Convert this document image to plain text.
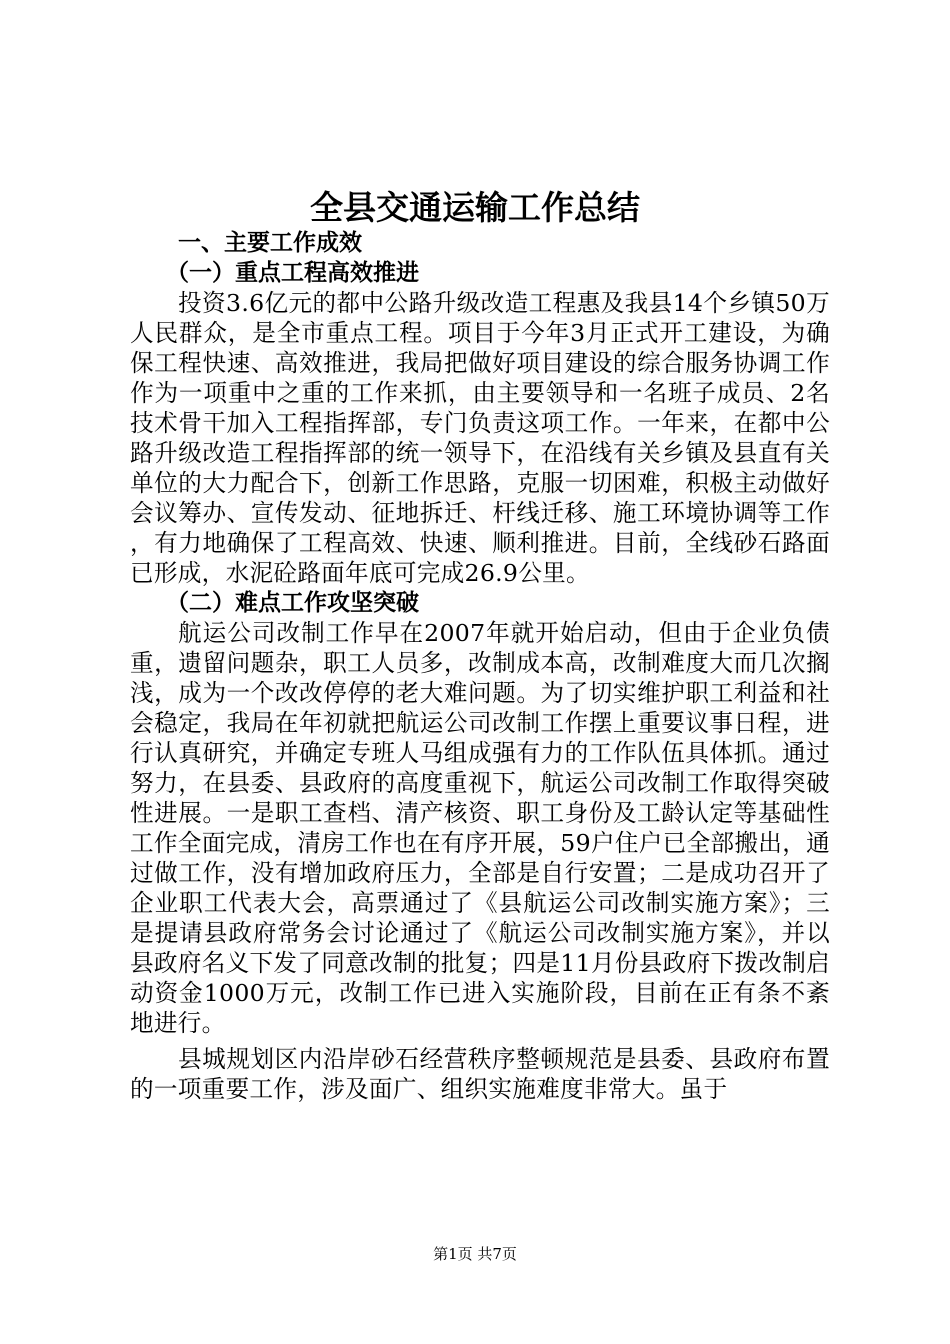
全县交通运输工作总结

一、主要工作成效

（一）重点工程高效推进

投资3.6亿元的都中公路升级改造工程惠及我县14个乡镇50万人民群众，是全市重点工程。项目于今年3月正式开工建设，为确保工程快速、高效推进，我局把做好项目建设的综合服务协调工作作为一项重中之重的工作来抓，由主要领导和一名班子成员、2名技术骨干加入工程指挥部，专门负责这项工作。一年来，在都中公路升级改造工程指挥部的统一领导下，在沿线有关乡镇及县直有关单位的大力配合下，创新工作思路，克服一切困难，积极主动做好会议筹办、宣传发动、征地拆迁、杆线迁移、施工环境协调等工作，有力地确保了工程高效、快速、顺利推进。目前，全线砂石路面已形成，水泥砼路面年底可完成26.9公里。

（二）难点工作攻坚突破

航运公司改制工作早在2007年就开始启动，但由于企业负债重，遗留问题杂，职工人员多，改制成本高，改制难度大而几次搁浅，成为一个改改停停的老大难问题。为了切实维护职工利益和社会稳定，我局在年初就把航运公司改制工作摆上重要议事日程，进行认真研究，并确定专班人马组成强有力的工作队伍具体抓。通过努力，在县委、县政府的高度重视下，航运公司改制工作取得突破性进展。一是职工查档、清产核资、职工身份及工龄认定等基础性工作全面完成，清房工作也在有序开展，59户住户已全部搬出，通过做工作，没有增加政府压力，全部是自行安置；二是成功召开了企业职工代表大会，高票通过了《县航运公司改制实施方案》；三是提请县政府常务会讨论通过了《航运公司改制实施方案》，并以县政府名义下发了同意改制的批复；四是11月份县政府下拨改制启动资金1000万元，改制工作已进入实施阶段，目前在正有条不紊地进行。

县城规划区内沿岸砂石经营秩序整顿规范是县委、县政府布置的一项重要工作，涉及面广、组织实施难度非常大。虽于

第1页 共7页
